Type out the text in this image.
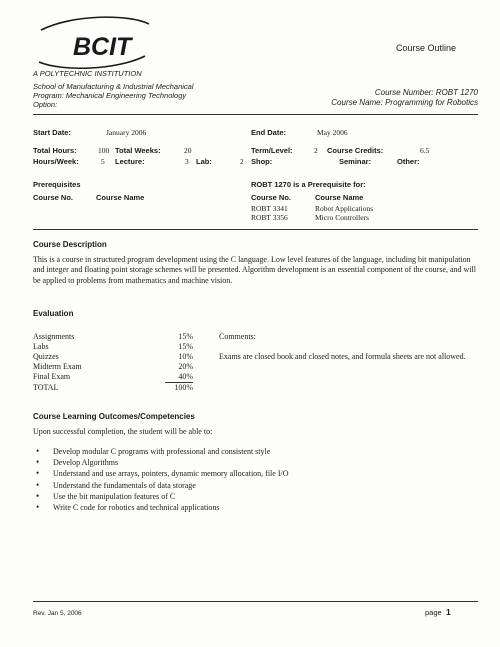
BCIT	Course Outline
A POLYTECHNIC INSTITUTION
School of Manufacturing & Industrial Mechanical
Program: Mechanical Engineering Technology
Option:
Course Number: ROBT 1270
Course Name: Programming for Robotics
Start Date:	January 2006	End Date:	May 2006
Total Hours:	100 Total Weeks:	20	Term/Level:	2 Course Credits:	6.5
Hours/Week:	5 Lecture:	3 Lab:	2 Shop:	Seminar:	Other:
Prerequisites
Course No.	Course Name
ROBT 1270 is a Prerequisite for:
Course No.	Course Name
ROBT 3341	Robot Applications
ROBT 3356	Micro Controllers
Course Description
This is a course in structured program development using the C language. Low level features of the language, including bit manipulation and integer and floating point storage schemes will be presented. Algorithm development is an essential component of the course, and will be applied to problems from mathematics and machine vision.
Evaluation
Assignments	15%
Labs	15%
Quizzes	10%
Midterm Exam	20%
Final Exam	40%
TOTAL	100%
Comments:
Exams are closed book and closed notes, and formula sheets are not allowed.
Course Learning Outcomes/Competencies
Upon successful completion, the student will be able to:
• Develop modular C programs with professional and consistent style
• Develop Algorithms
• Understand and use arrays, pointers, dynamic memory allocation, file I/O
• Understand the fundamentals of data storage
• Use the bit manipulation features of C
• Write C code for robotics and technical applications
Rev. Jan 5, 2006	page 1
